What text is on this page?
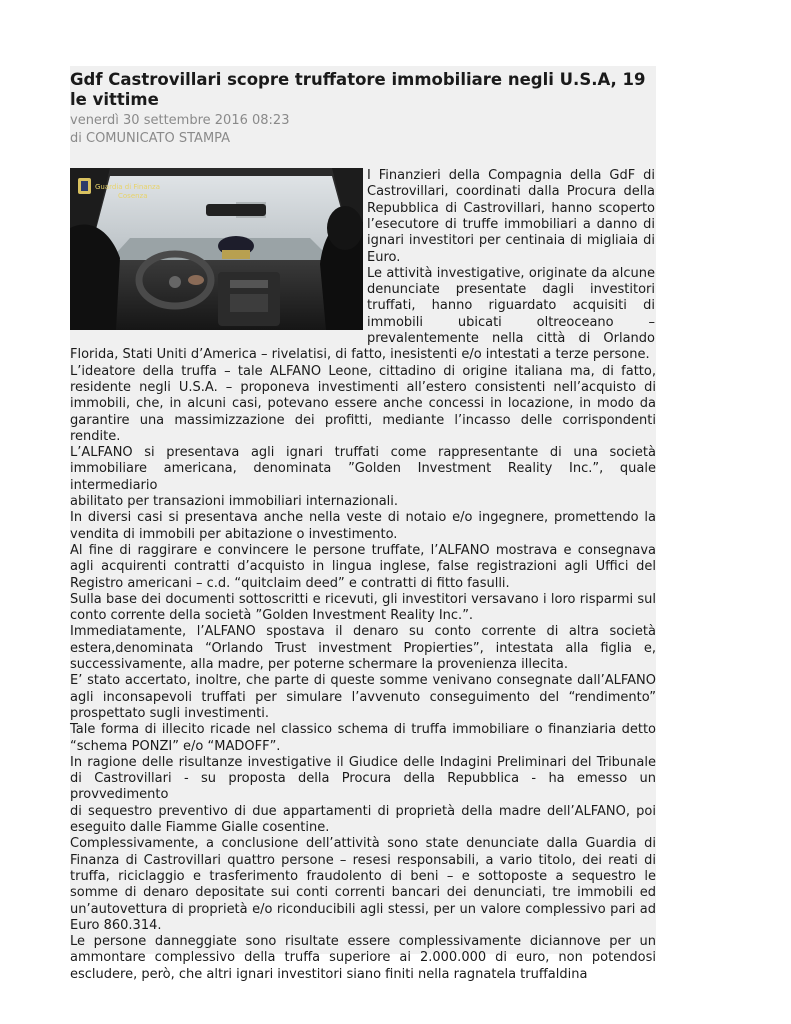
Gdf Castrovillari scopre truffatore immobiliare negli U.S.A, 19 le vittime
venerdì 30 settembre 2016 08:23
di COMUNICATO STAMPA
Guardia di Finanza
Cosenza
I Finanzieri della Compagnia della GdF di
Castrovillari, coordinati dalla Procura della
Repubblica di Castrovillari, hanno scoperto
l’esecutore di truffe immobiliari a danno di
ignari investitori per centinaia di migliaia di
Euro.
Le attività investigative, originate da alcune
denunciate presentate dagli investitori
truffati, hanno riguardato acquisiti di
immobili ubicati oltreoceano –
prevalentemente nella città di Orlando
Florida, Stati Uniti d’America – rivelatisi, di fatto, inesistenti e/o intestati a terze persone.
L’ideatore della truffa – tale ALFANO Leone, cittadino di origine italiana ma, di fatto,
residente negli U.S.A. – proponeva investimenti all’estero consistenti nell’acquisto di
immobili, che, in alcuni casi, potevano essere anche concessi in locazione, in modo da
garantire una massimizzazione dei profitti, mediante l’incasso delle corrispondenti
rendite.
L’ALFANO si presentava agli ignari truffati come rappresentante di una società
immobiliare americana, denominata ”Golden Investment Reality Inc.”, quale
intermediario
abilitato per transazioni immobiliari internazionali.
In diversi casi si presentava anche nella veste di notaio e/o ingegnere, promettendo la
vendita di immobili per abitazione o investimento.
Al fine di raggirare e convincere le persone truffate, l’ALFANO mostrava e consegnava
agli acquirenti contratti d’acquisto in lingua inglese, false registrazioni agli Uffici del
Registro americani – c.d. “quitclaim deed” e contratti di fitto fasulli.
Sulla base dei documenti sottoscritti e ricevuti, gli investitori versavano i loro risparmi sul
conto corrente della società ”Golden Investment Reality Inc.”.
Immediatamente, l’ALFANO spostava il denaro su conto corrente di altra società
estera,denominata “Orlando Trust investment Propierties”, intestata alla figlia e,
successivamente, alla madre, per poterne schermare la provenienza illecita.
E’ stato accertato, inoltre, che parte di queste somme venivano consegnate dall’ALFANO
agli inconsapevoli truffati per simulare l’avvenuto conseguimento del “rendimento”
prospettato sugli investimenti.
Tale forma di illecito ricade nel classico schema di truffa immobiliare o finanziaria detto
“schema PONZI” e/o “MADOFF”.
In ragione delle risultanze investigative il Giudice delle Indagini Preliminari del Tribunale
di Castrovillari - su proposta della Procura della Repubblica - ha emesso un
provvedimento
di sequestro preventivo di due appartamenti di proprietà della madre dell’ALFANO, poi
eseguito dalle Fiamme Gialle cosentine.
Complessivamente, a conclusione dell’attività sono state denunciate dalla Guardia di
Finanza di Castrovillari quattro persone – resesi responsabili, a vario titolo, dei reati di
truffa, riciclaggio e trasferimento fraudolento di beni – e sottoposte a sequestro le
somme di denaro depositate sui conti correnti bancari dei denunciati, tre immobili ed
un’autovettura di proprietà e/o riconducibili agli stessi, per un valore complessivo pari ad
Euro 860.314.
Le persone danneggiate sono risultate essere complessivamente diciannove per un
ammontare complessivo della truffa superiore ai 2.000.000 di euro, non potendosi
escludere, però, che altri ignari investitori siano finiti nella ragnatela truffaldina
